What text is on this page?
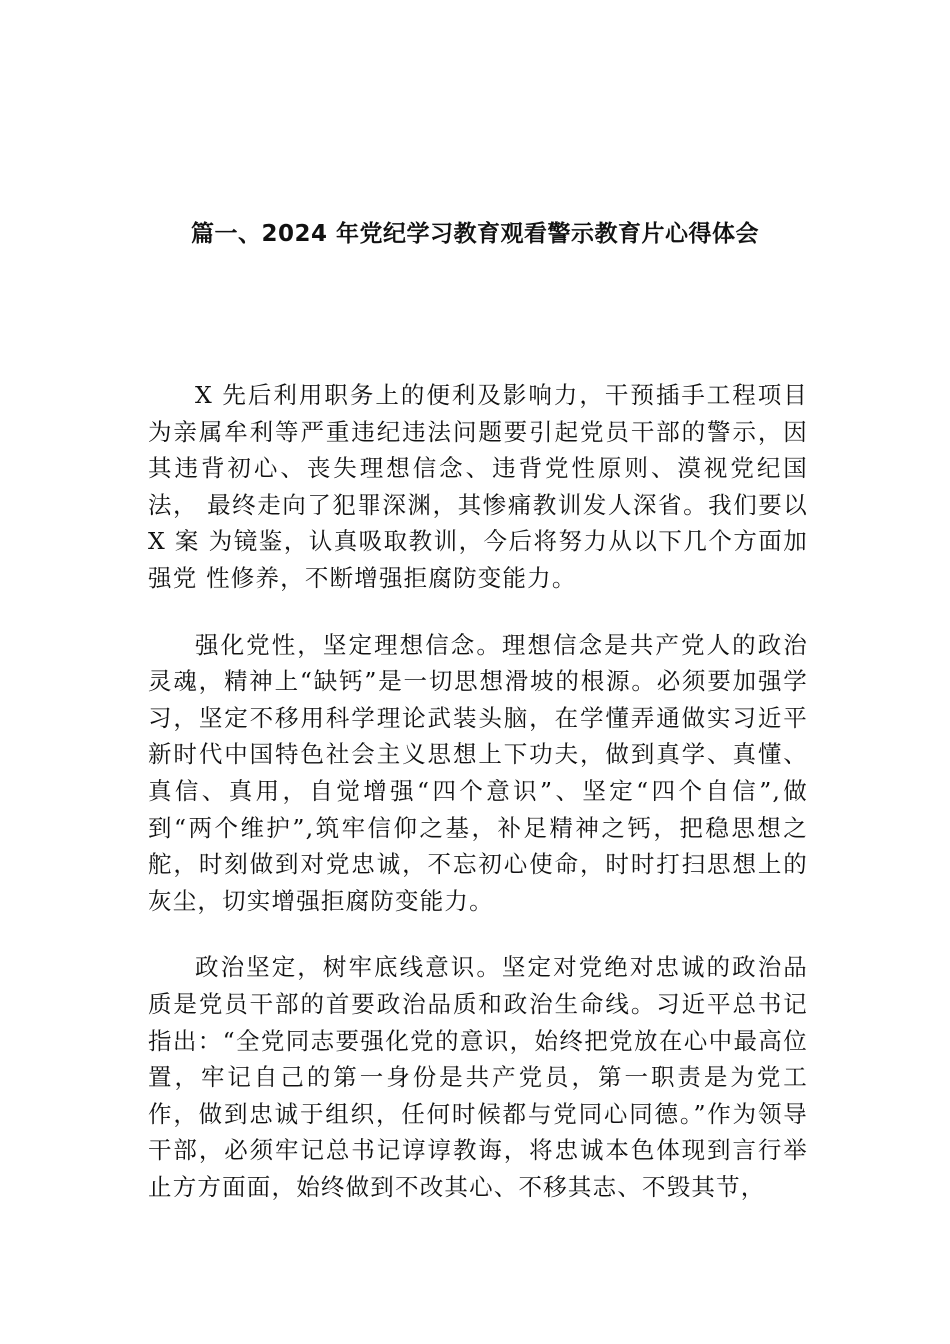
篇一、2024 年党纪学习教育观看警示教育片心得体会

X 先后利用职务上的便利及影响力，干预插手工程项目 为亲属牟利等严重违纪违法问题要引起党员干部的警示，因 其违背初心、丧失理想信念、违背党性原则、漠视党纪国法， 最终走向了犯罪深渊，其惨痛教训发人深省。我们要以 X 案 为镜鉴，认真吸取教训，今后将努力从以下几个方面加强党 性修养，不断增强拒腐防变能力。

强化党性，坚定理想信念。理想信念是共产党人的政治灵魂，精神上“缺钙”是一切思想滑坡的根源。必须要加强学习，坚定不移用科学理论武装头脑，在学懂弄通做实习近平新时代中国特色社会主义思想上下功夫，做到真学、真懂、真信、真用，自觉增强“四个意识”、坚定“四个自信”,做到“两个维护”,筑牢信仰之基，补足精神之钙，把稳思想之舵，时刻做到对党忠诚，不忘初心使命，时时打扫思想上的灰尘，切实增强拒腐防变能力。

政治坚定，树牢底线意识。坚定对党绝对忠诚的政治品质是党员干部的首要政治品质和政治生命线。习近平总书记指出：“全党同志要强化党的意识，始终把党放在心中最高位置，牢记自己的第一身份是共产党员，第一职责是为党工作，做到忠诚于组织，任何时候都与党同心同德。”作为领导干部，必须牢记总书记谆谆教诲，将忠诚本色体现到言行举止方方面面，始终做到不改其心、不移其志、不毁其节，
